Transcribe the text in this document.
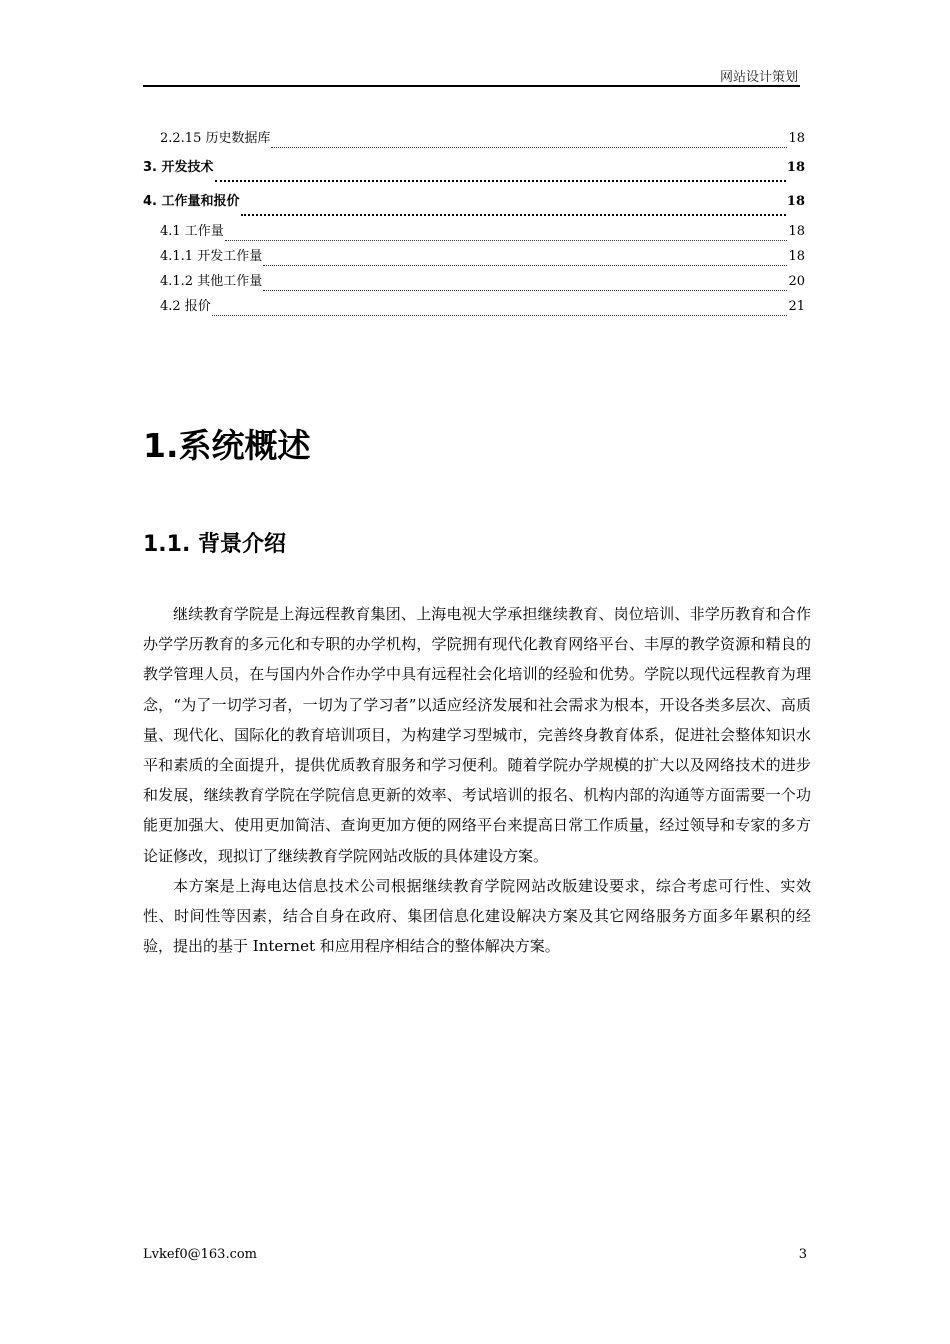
网站设计策划
2.2.15 历史数据库	18
3. 开发技术	18
4. 工作量和报价	18
4.1 工作量	18
4.1.1 开发工作量	18
4.1.2 其他工作量	20
4.2 报价	21
1.系统概述
1.1. 背景介绍

继续教育学院是上海远程教育集团、上海电视大学承担继续教育、岗位培训、非学历教育和合作办学学历教育的多元化和专职的办学机构，学院拥有现代化教育网络平台、丰厚的教学资源和精良的教学管理人员，在与国内外合作办学中具有远程社会化培训的经验和优势。学院以现代远程教育为理念，“为了一切学习者，一切为了学习者”以适应经济发展和社会需求为根本，开设各类多层次、高质量、现代化、国际化的教育培训项目，为构建学习型城市，完善终身教育体系，促进社会整体知识水平和素质的全面提升，提供优质教育服务和学习便利。随着学院办学规模的扩大以及网络技术的进步和发展，继续教育学院在学院信息更新的效率、考试培训的报名、机构内部的沟通等方面需要一个功能更加强大、使用更加简洁、查询更加方便的网络平台来提高日常工作质量，经过领导和专家的多方论证修改，现拟订了继续教育学院网站改版的具体建设方案。

本方案是上海电达信息技术公司根据继续教育学院网站改版建设要求，综合考虑可行性、实效性、时间性等因素，结合自身在政府、集团信息化建设解决方案及其它网络服务方面多年累积的经验，提出的基于 Internet 和应用程序相结合的整体解决方案。

Lvkef0@163.com	3
